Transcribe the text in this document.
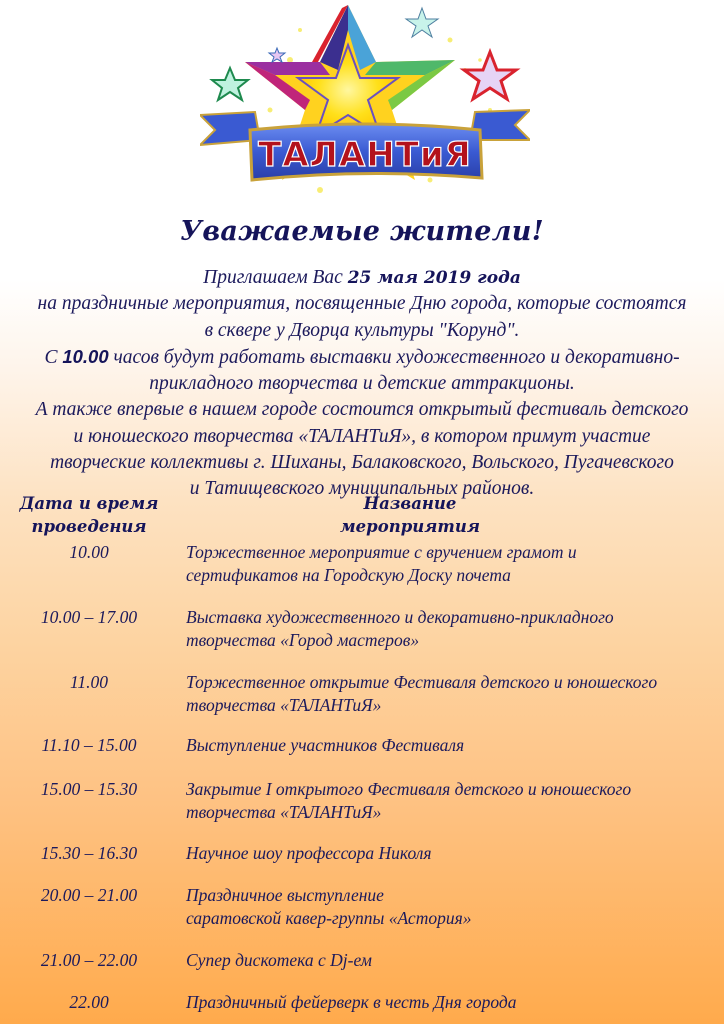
ТАЛАНТиЯ
Уважаемые жители!

Приглашаем Вас 25 мая 2019 года

на праздничные мероприятия, посвященные Дню города, которые состоятся

в сквере у Дворца культуры "Корунд".

С 10.00 часов будут работать выставки художественного и декоративно-

прикладного творчества и детские аттракционы.

А также впервые в нашем городе состоится открытый фестиваль детского

и юношеского творчества «ТАЛАНТиЯ», в котором примут участие

творческие коллективы г. Шиханы, Балаковского, Вольского, Пугачевского

и Татищевского муниципальных районов.

Дата и время
проведения
Название
мероприятия
10.00	Торжественное мероприятие с вручением грамот и
сертификатов на Городскую Доску почета
10.00 – 17.00	Выставка художественного и декоративно-прикладного
творчества «Город мастеров»
11.00	Торжественное открытие Фестиваля детского и юношеского
творчества «ТАЛАНТиЯ»
11.10 – 15.00	Выступление участников Фестиваля
15.00 – 15.30	Закрытие I открытого Фестиваля детского и юношеского
творчества «ТАЛАНТиЯ»
15.30 – 16.30	Научное шоу профессора Николя
20.00 – 21.00	Праздничное выступление
саратовской кавер-группы «Астория»
21.00 – 22.00	Супер дискотека с Dj-ем
22.00	Праздничный фейерверк в честь Дня города
